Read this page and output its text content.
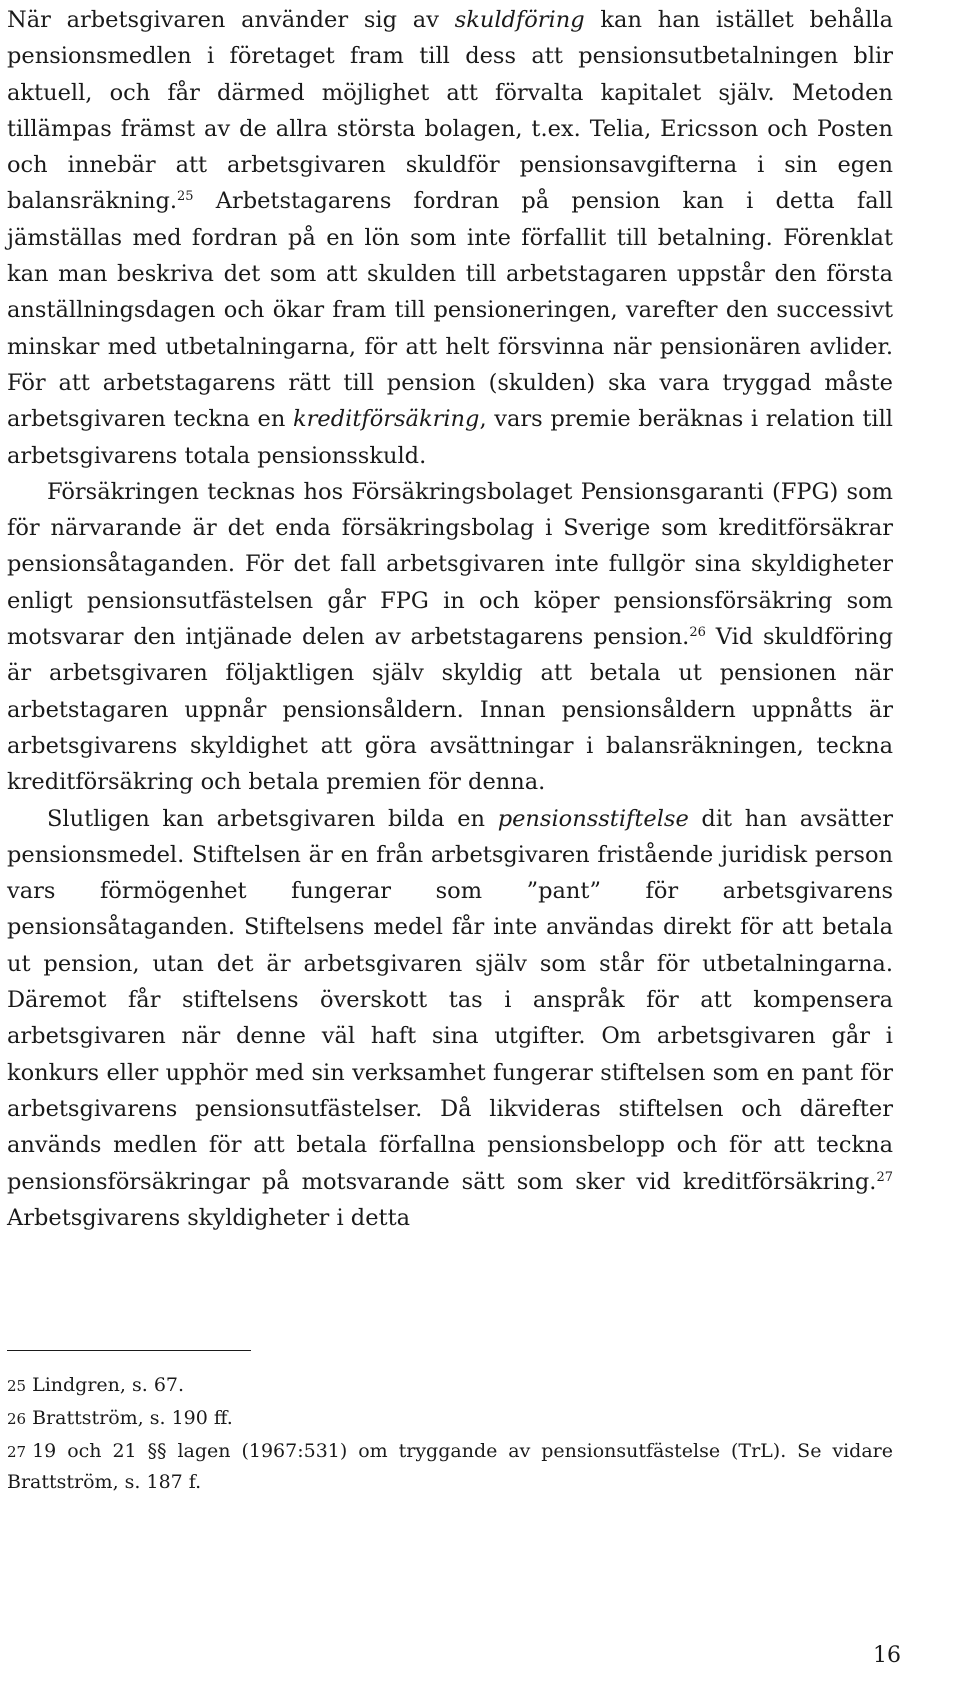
När arbetsgivaren använder sig av skuldföring kan han istället behålla pensionsmedlen i företaget fram till dess att pensionsutbetalningen blir aktuell, och får därmed möjlighet att förvalta kapitalet själv. Metoden tillämpas främst av de allra största bolagen, t.ex. Telia, Ericsson och Posten och innebär att arbetsgivaren skuldför pensionsavgifterna i sin egen balansräkning.$^{25}$ Arbetstagarens fordran på pension kan i detta fall jämställas med fordran på en lön som inte förfallit till betalning. Förenklat kan man beskriva det som att skulden till arbetstagaren uppstår den första anställningsdagen och ökar fram till pensioneringen, varefter den successivt minskar med utbetalningarna, för att helt försvinna när pensionären avlider. För att arbetstagarens rätt till pension (skulden) ska vara tryggad måste arbetsgivaren teckna en kreditförsäkring, vars premie beräknas i relation till arbetsgivarens totala pensionsskuld.

Försäkringen tecknas hos Försäkringsbolaget Pensionsgaranti (FPG) som för närvarande är det enda försäkringsbolag i Sverige som kreditförsäkrar pensionsåtaganden. För det fall arbetsgivaren inte fullgör sina skyldigheter enligt pensionsutfästelsen går FPG in och köper pensionsförsäkring som motsvarar den intjänade delen av arbetstagarens pension.$^{26}$ Vid skuldföring är arbetsgivaren följaktligen själv skyldig att betala ut pensionen när arbetstagaren uppnår pensionsåldern. Innan pensionsåldern uppnåtts är arbetsgivarens skyldighet att göra avsättningar i balansräkningen, teckna kreditförsäkring och betala premien för denna.

Slutligen kan arbetsgivaren bilda en pensionsstiftelse dit han avsätter pensionsmedel. Stiftelsen är en från arbetsgivaren fristående juridisk person vars förmögenhet fungerar som ”pant” för arbetsgivarens pensionsåtaganden. Stiftelsens medel får inte användas direkt för att betala ut pension, utan det är arbetsgivaren själv som står för utbetalningarna. Däremot får stiftelsens överskott tas i anspråk för att kompensera arbetsgivaren när denne väl haft sina utgifter. Om arbetsgivaren går i konkurs eller upphör med sin verksamhet fungerar stiftelsen som en pant för arbetsgivarens pensionsutfästelser. Då likvideras stiftelsen och därefter används medlen för att betala förfallna pensionsbelopp och för att teckna pensionsförsäkringar på motsvarande sätt som sker vid kreditförsäkring.$^{27}$ Arbetsgivarens skyldigheter i detta

25 Lindgren, s. 67.

26 Brattström, s. 190 ff.

27 19 och 21 §§ lagen (1967:531) om tryggande av pensionsutfästelse (TrL). Se vidare Brattström, s. 187 f.

16
